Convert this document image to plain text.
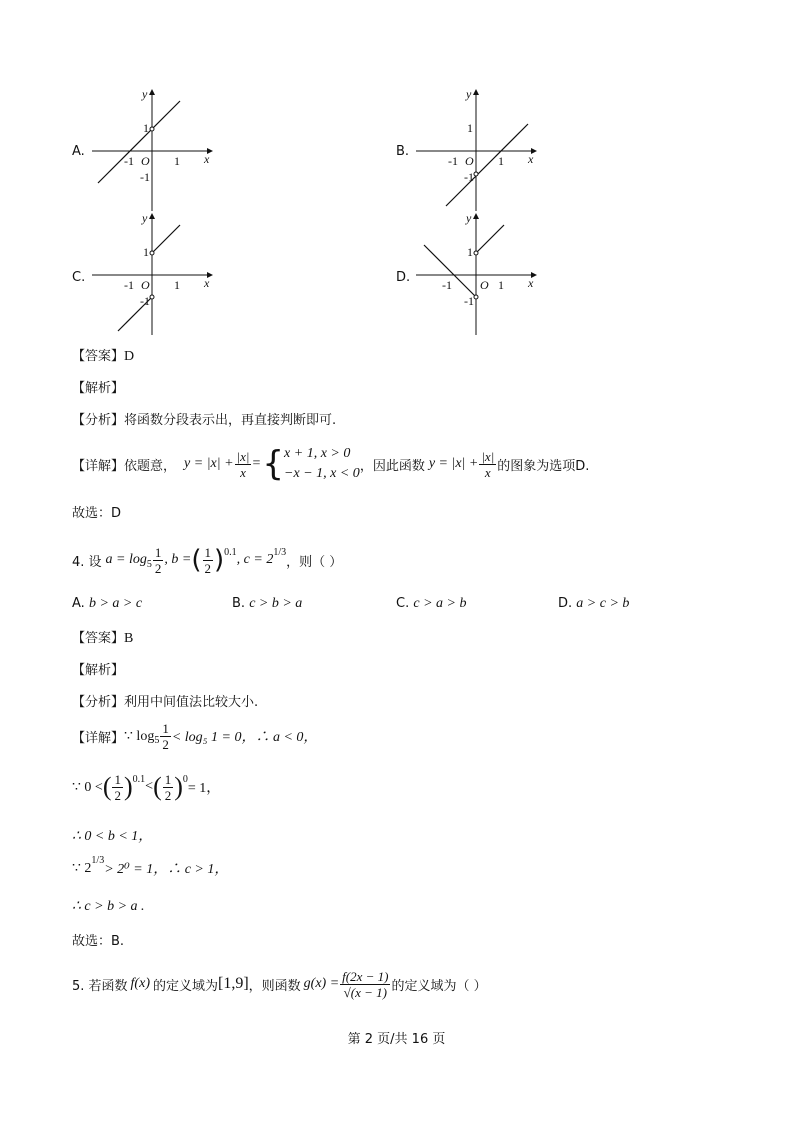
A.
y
x
1
-1
O 1
-1
B.
y
x
1
-1
O 1
-1
C.
y
x
1
-1
O 1
-1	D.
y
x
1
-1
O 1
-1
【答案】D
【解析】
【分析】将函数分段表示出，再直接判断即可.
【详解】 依题意， $y = |x| + \frac{|x|}{x}$ = { x + 1, x > 0
−x − 1, x < 0 ，因此函数 $y = |x| + \frac{|x|}{x}$ 的图象为选项D.
故选：D
4. 设 $a = \log 5 \frac{1}{2}$ , b = ( $\frac{1}{2}$ ) 0.1 , c = 2 1/3
，则（ ）
A. b > a > c	B. c > b > a	C. c > a > b	D. a > c > b
【答案】B
【解析】
【分析】利用中间值法比较大小.
【详解】 ∵ $\log 5 \frac{1}{2} < \log_5$ 1 = 0，∴ a < 0，
∵ 0 < ( $\frac{1}{2}$ ) 0.1 < ( $\frac{1}{2}$ ) 0
= 1，
∴ 0 < b < 1，
∵ 2
1/3
> 2⁰ = 1，∴ c > 1，
∴ c > b > a .
故选：B.
5. 若函数 f(x) 的定义域为 [1,9] ，则函数 $g(x) = \frac{f(2x - 1)}{√(x - 1)}$ 的定义域为（ ）
第 2 页/共 16 页
